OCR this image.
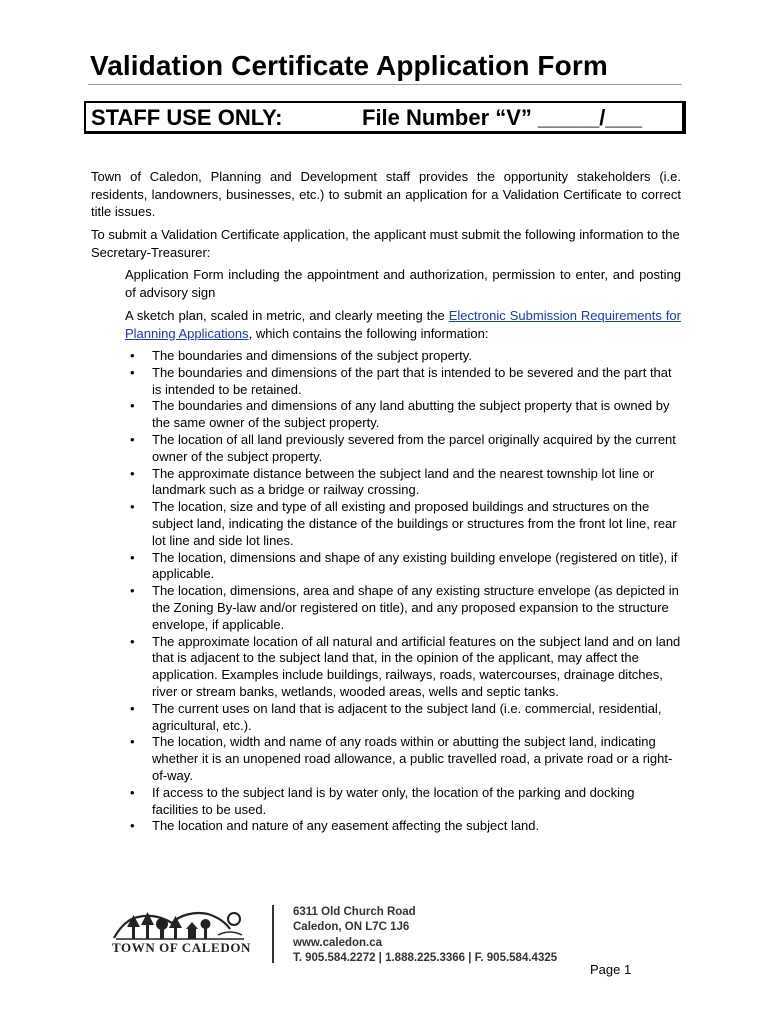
Validation Certificate Application Form
STAFF USE ONLY:	File Number “V” _____/___

Town of Caledon, Planning and Development staff provides the opportunity stakeholders (i.e. residents, landowners, businesses, etc.) to submit an application for a Validation Certificate to correct title issues.

To submit a Validation Certificate application, the applicant must submit the following information to the Secretary-Treasurer:

Application Form including the appointment and authorization, permission to enter, and posting of advisory sign

A sketch plan, scaled in metric, and clearly meeting the Electronic Submission Requirements for Planning Applications, which contains the following information:

• The boundaries and dimensions of the subject property.
• The boundaries and dimensions of the part that is intended to be severed and the part that is intended to be retained.
• The boundaries and dimensions of any land abutting the subject property that is owned by the same owner of the subject property.
• The location of all land previously severed from the parcel originally acquired by the current owner of the subject property.
• The approximate distance between the subject land and the nearest township lot line or landmark such as a bridge or railway crossing.
• The location, size and type of all existing and proposed buildings and structures on the subject land, indicating the distance of the buildings or structures from the front lot line, rear lot line and side lot lines.
• The location, dimensions and shape of any existing building envelope (registered on title), if applicable.
• The location, dimensions, area and shape of any existing structure envelope (as depicted in the Zoning By-law and/or registered on title), and any proposed expansion to the structure envelope, if applicable.
• The approximate location of all natural and artificial features on the subject land and on land that is adjacent to the subject land that, in the opinion of the applicant, may affect the application. Examples include buildings, railways, roads, watercourses, drainage ditches, river or stream banks, wetlands, wooded areas, wells and septic tanks.
• The current uses on land that is adjacent to the subject land (i.e. commercial, residential, agricultural, etc.).
• The location, width and name of any roads within or abutting the subject land, indicating whether it is an unopened road allowance, a public travelled road, a private road or a right-of-way.
• If access to the subject land is by water only, the location of the parking and docking facilities to be used.
• The location and nature of any easement affecting the subject land.
TOWN OF CALEDON
6311 Old Church Road
Caledon, ON L7C 1J6
www.caledon.ca
T. 905.584.2272 | 1.888.225.3366 | F. 905.584.4325
Page 1
